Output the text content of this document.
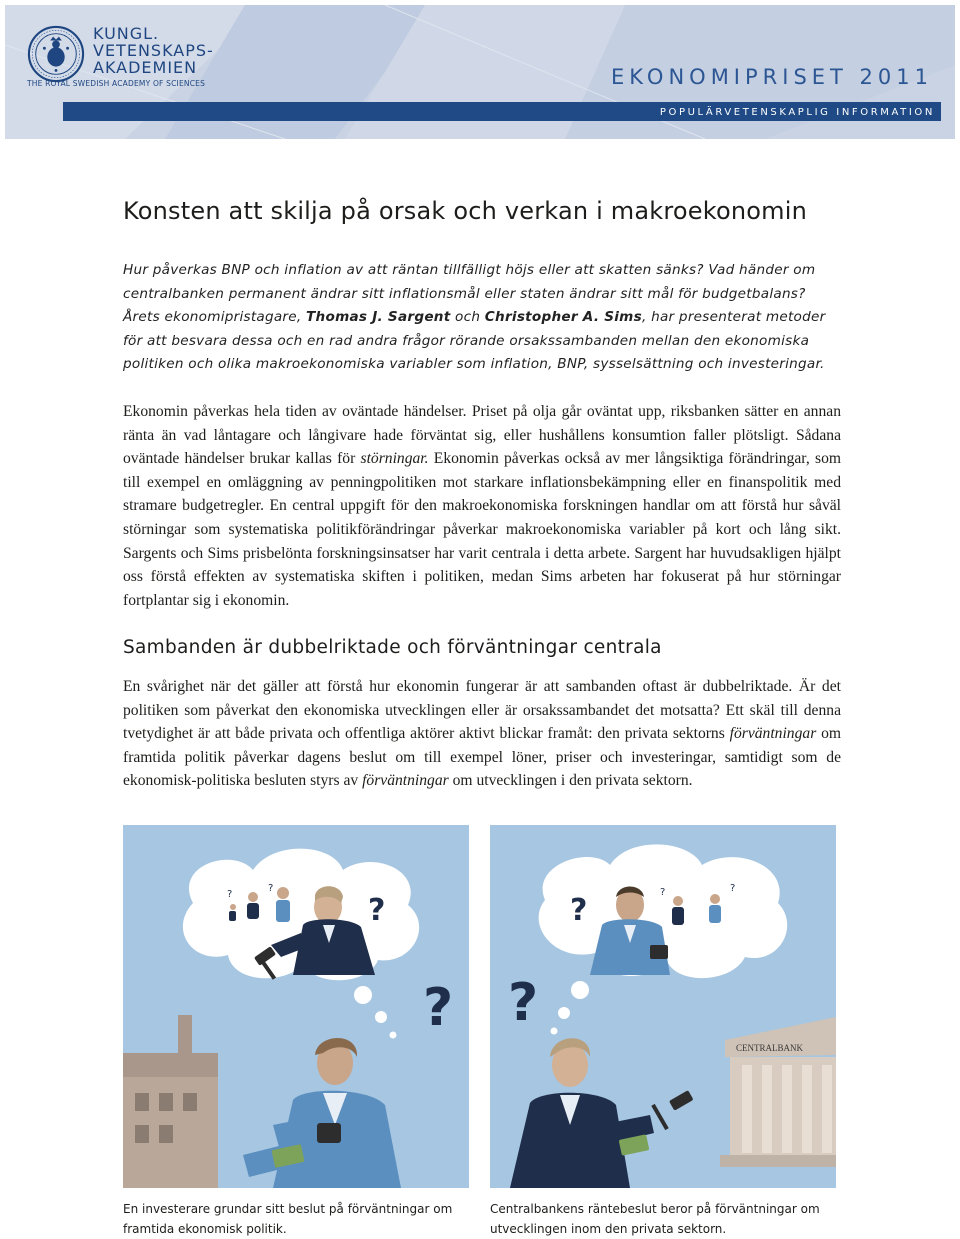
KUNGL.
VETENSKAPS-
AKADEMIEN
THE ROYAL SWEDISH ACADEMY OF SCIENCES	EKONOMIPRISET 2011
POPULÄRVETENSKAPLIG INFORMATION
Konsten att skilja på orsak och verkan i makroekonomin
Hur påverkas BNP och inflation av att räntan tillfälligt höjs eller att skatten sänks? Vad händer om centralbanken permanent ändrar sitt inflationsmål eller staten ändrar sitt mål för budgetbalans? Årets ekonomipristagare, Thomas J. Sargent och Christopher A. Sims, har presenterat metoder för att besvara dessa och en rad andra frågor rörande orsakssambanden mellan den ekonomiska politiken och olika makroekonomiska variabler som inflation, BNP, sysselsättning och investeringar.

Ekonomin påverkas hela tiden av oväntade händelser. Priset på olja går oväntat upp, riksbanken sätter en annan ränta än vad låntagare och långivare hade förväntat sig, eller hushållens konsumtion faller plötsligt. Sådana oväntade händelser brukar kallas för störningar. Ekonomin påverkas också av mer långsiktiga förändringar, som till exempel en omläggning av penningpolitiken mot starkare inflationsbekämpning eller en finanspolitik med stramare budgetregler. En central uppgift för den makroekonomiska forskningen handlar om att förstå hur såväl störningar som systematiska politikförändringar påverkar makroekonomiska variabler på kort och lång sikt. Sargents och Sims prisbelönta forskningsinsatser har varit centrala i detta arbete. Sargent har huvudsakligen hjälpt oss förstå effekten av systematiska skiften i politiken, medan Sims arbeten har fokuserat på hur störningar fortplantar sig i ekonomin.

Sambanden är dubbelriktade och förväntningar centrala

En svårighet när det gäller att förstå hur ekonomin fungerar är att sambanden oftast är dubbelriktade. Är det politiken som påverkat den ekonomiska utvecklingen eller är orsakssambandet det motsatta? Ett skäl till denna tvetydighet är att både privata och offentliga aktörer aktivt blickar framåt: den privata sektorns förväntningar om framtida politik påverkar dagens beslut om till exempel löner, priser och investeringar, samtidigt som de ekonomisk-politiska besluten styrs av förväntningar om utvecklingen i den privata sektorn.

?
?
?
?
En investerare grundar sitt beslut på förväntningar om framtida ekonomisk politik.
?	?
?
?
CENTRALBANK
Centralbankens räntebeslut beror på förväntningar om utvecklingen inom den privata sektorn.
